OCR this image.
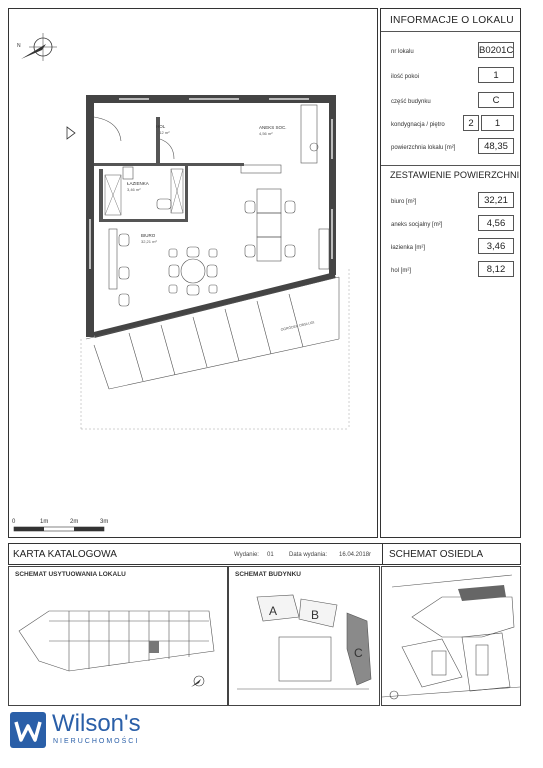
N
HOL
8,12 m²
ANEKS SOC.
4,56 m²
ŁAZIENKA
3,46 m²
BIURO
32,21 m²
OGRÓDEK OBSŁUGI
0	1m	2m	3m
INFORMACJE O LOKALU
nr lokalu	B0201C
ilość pokoi	1
część budynku	C
kondygnacja / piętro	2	1
powierzchnia lokalu [m²]	48,35
ZESTAWIENIE POWIERZCHNI
biuro [m²]	32,21
aneks socjalny [m²]	4,56
łazienka [m²]	3,46
hol [m²]	8,12
KARTA KATALOGOWA	Wydanie: 01	Data wydania: 16.04.2018r SCHEMAT OSIEDLA
SCHEMAT USYTUOWANIA LOKALU	SCHEMAT BUDYNKU
A	B
C
Wilson's
NIERUCHOMOŚCI
